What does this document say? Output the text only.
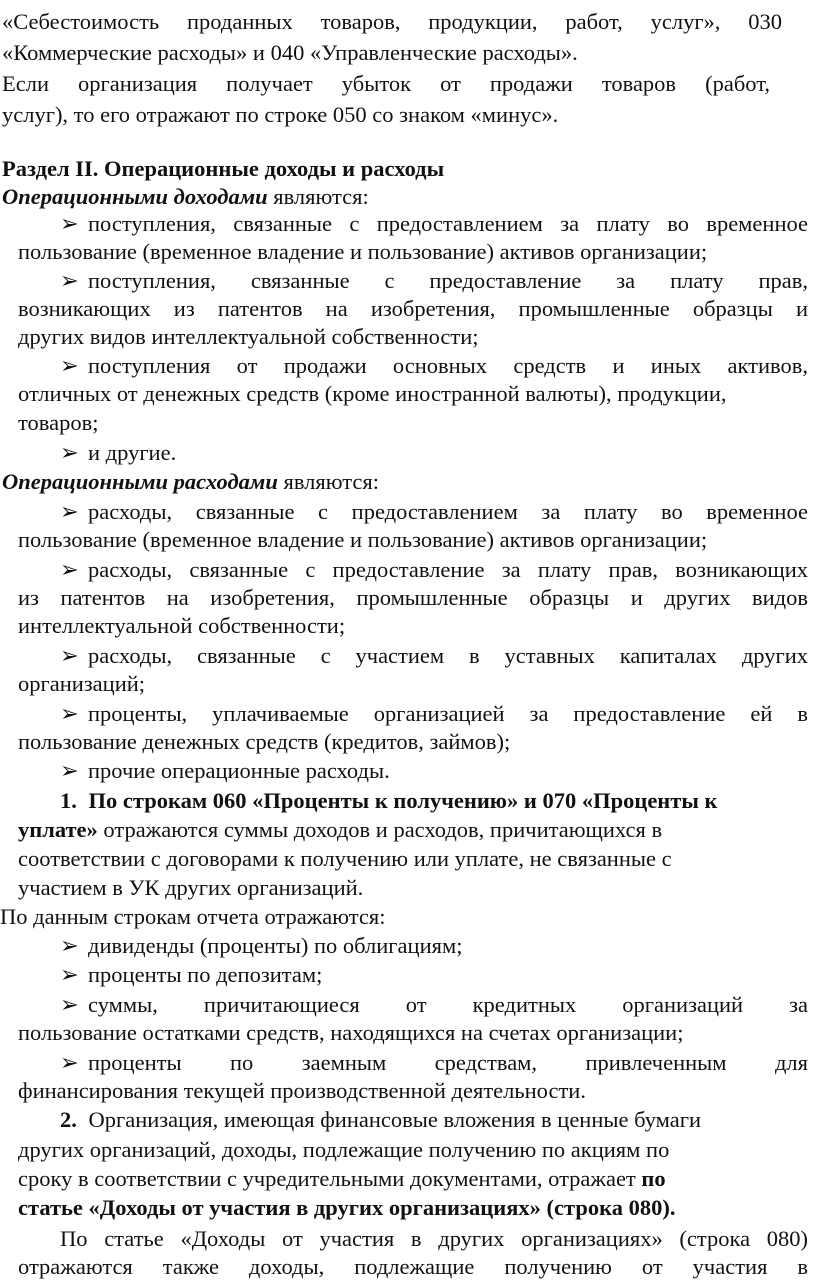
«Себестоимость проданных товаров, продукции, работ, услуг», 030
«Коммерческие расходы» и 040 «Управленческие расходы».
Если организация получает убыток от продажи товаров (работ,
услуг), то его отражают по строке 050 со знаком «минус».
Раздел II. Операционные доходы и расходы
Операционными доходами являются:
➢ поступления, связанные с предоставлением за плату во временное
пользование (временное владение и пользование) активов организации;
➢ поступления, связанные с предоставление за плату прав,
возникающих из патентов на изобретения, промышленные образцы и
других видов интеллектуальной собственности;
➢ поступления от продажи основных средств и иных активов,
отличных от денежных средств (кроме иностранной валюты), продукции,
товаров;
➢ и другие.
Операционными расходами являются:
➢ расходы, связанные с предоставлением за плату во временное
пользование (временное владение и пользование) активов организации;
➢ расходы, связанные с предоставление за плату прав, возникающих
из патентов на изобретения, промышленные образцы и других видов
интеллектуальной собственности;
➢ расходы, связанные с участием в уставных капиталах других
организаций;
➢ проценты, уплачиваемые организацией за предоставление ей в
пользование денежных средств (кредитов, займов);
➢ прочие операционные расходы.
1. По строкам 060 «Проценты к получению» и 070 «Проценты к
уплате» отражаются суммы доходов и расходов, причитающихся в
соответствии с договорами к получению или уплате, не связанные с
участием в УК других организаций.
По данным строкам отчета отражаются:
➢ дивиденды (проценты) по облигациям;
➢ проценты по депозитам;
➢ суммы, причитающиеся от кредитных организаций за
пользование остатками средств, находящихся на счетах организации;
➢ проценты по заемным средствам, привлеченным для
финансирования текущей производственной деятельности.
2. Организация, имеющая финансовые вложения в ценные бумаги
других организаций, доходы, подлежащие получению по акциям по
сроку в соответствии с учредительными документами, отражает по
статье «Доходы от участия в других организациях» (строка 080).
По статье «Доходы от участия в других организациях» (строка 080)
отражаются также доходы, подлежащие получению от участия в
